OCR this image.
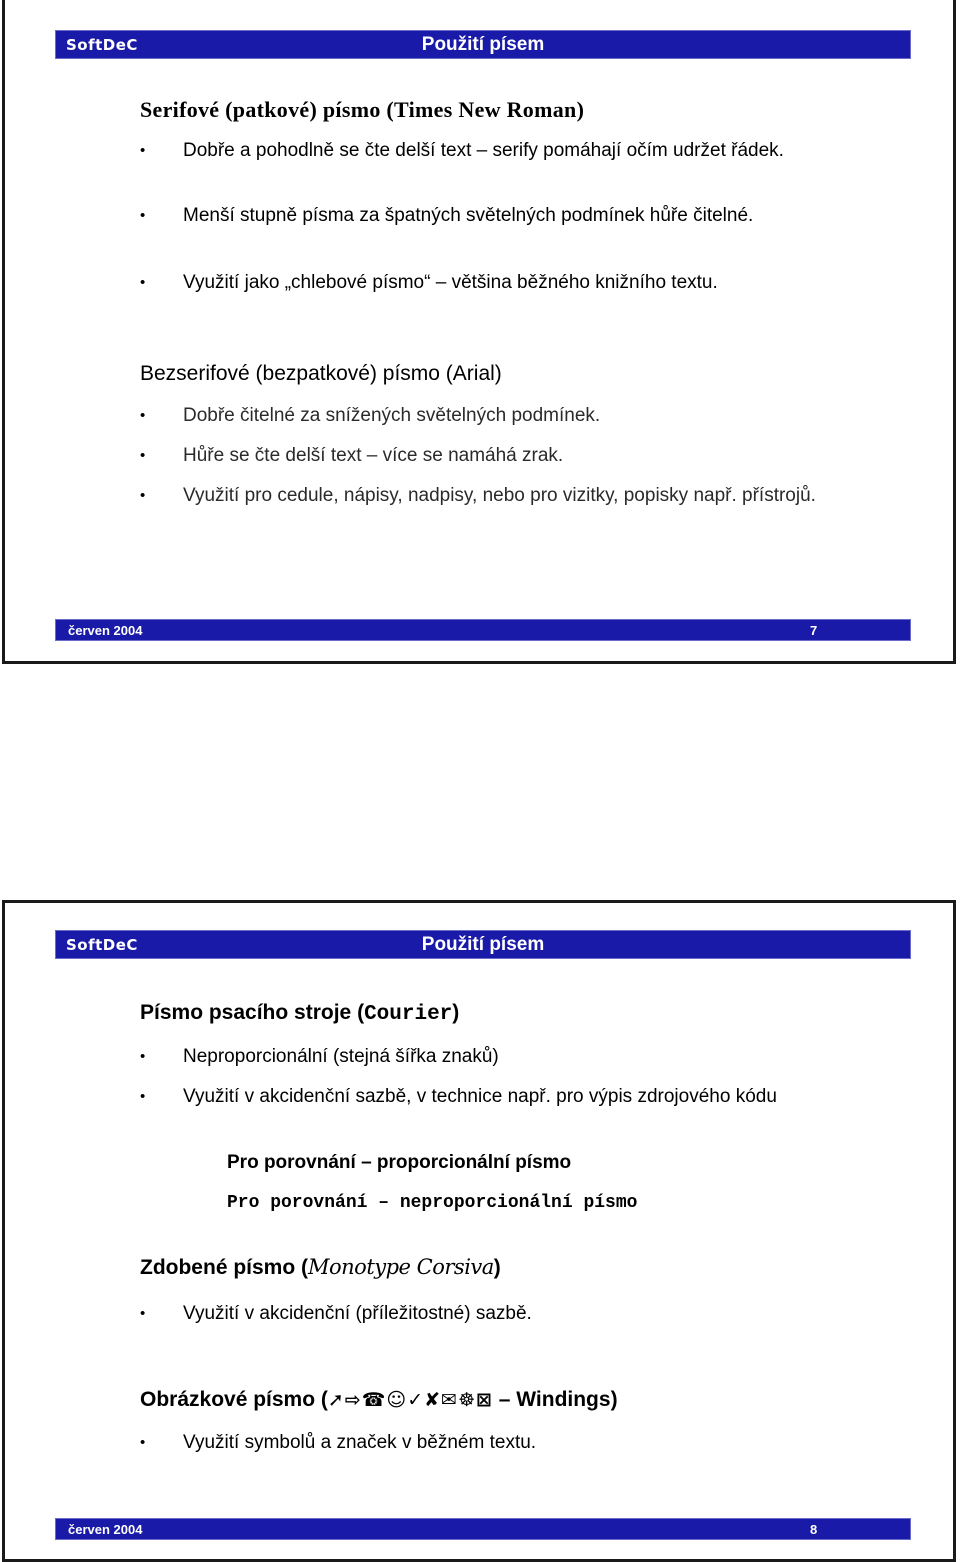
SoftDeC	Použití písem
Serifové (patkové) písmo (Times New Roman)
• Dobře a pohodlně se čte delší text – serify pomáhají očím udržet řádek.
• Menší stupně písma za špatných světelných podmínek hůře čitelné.
• Využití jako „chlebové písmo“ – většina běžného knižního textu.
Bezserifové (bezpatkové) písmo (Arial)
• Dobře čitelné za snížených světelných podmínek.
• Hůře se čte delší text – více se namáhá zrak.
• Využití pro cedule, nápisy, nadpisy, nebo pro vizitky, popisky např. přístrojů.
červen 2004	7
SoftDeC	Použití písem
Písmo psacího stroje (Courier)
• Neproporcionální (stejná šířka znaků)
• Využití v akcidenční sazbě, v technice např. pro výpis zdrojového kódu
Pro porovnání – proporcionální písmo
Pro porovnání – neproporcionální písmo
Zdobené písmo (Monotype Corsiva)
• Využití v akcidenční (příležitostné) sazbě.
Obrázkové písmo (➚⇨☎☺✓✘✉☸⊠ – Windings)
• Využití symbolů a značek v běžném textu.
červen 2004	8
